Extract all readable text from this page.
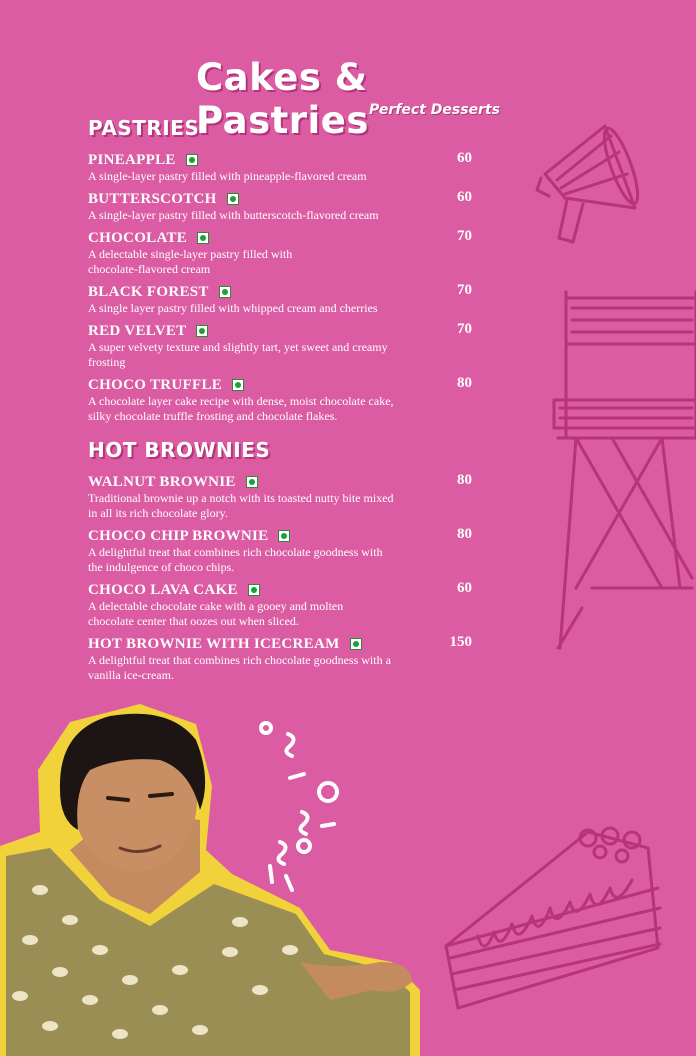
Cakes & Pastries Perfect Desserts
PASTRIES
PINEAPPLE	60
A single-layer pastry filled with pineapple-flavored cream
BUTTERSCOTCH	60
A single-layer pastry filled with butterscotch-flavored cream
CHOCOLATE	70
A delectable single-layer pastry filled with chocolate-flavored cream
BLACK FOREST	70
A single layer pastry filled with whipped cream and cherries
RED VELVET	70
A super velvety texture and slightly tart, yet sweet and creamy frosting
CHOCO TRUFFLE	80
A chocolate layer cake recipe with dense, moist chocolate cake, silky chocolate truffle frosting and chocolate flakes.
HOT BROWNIES
WALNUT BROWNIE	80
Traditional brownie up a notch with its toasted nutty bite mixed in all its rich chocolate glory.
CHOCO CHIP BROWNIE	80
A delightful treat that combines rich chocolate goodness with the indulgence of choco chips.
CHOCO LAVA CAKE	60
A delectable chocolate cake with a gooey and molten chocolate center that oozes out when sliced.
HOT BROWNIE WITH ICECREAM	150
A delightful treat that combines rich chocolate goodness with a vanilla ice-cream.
